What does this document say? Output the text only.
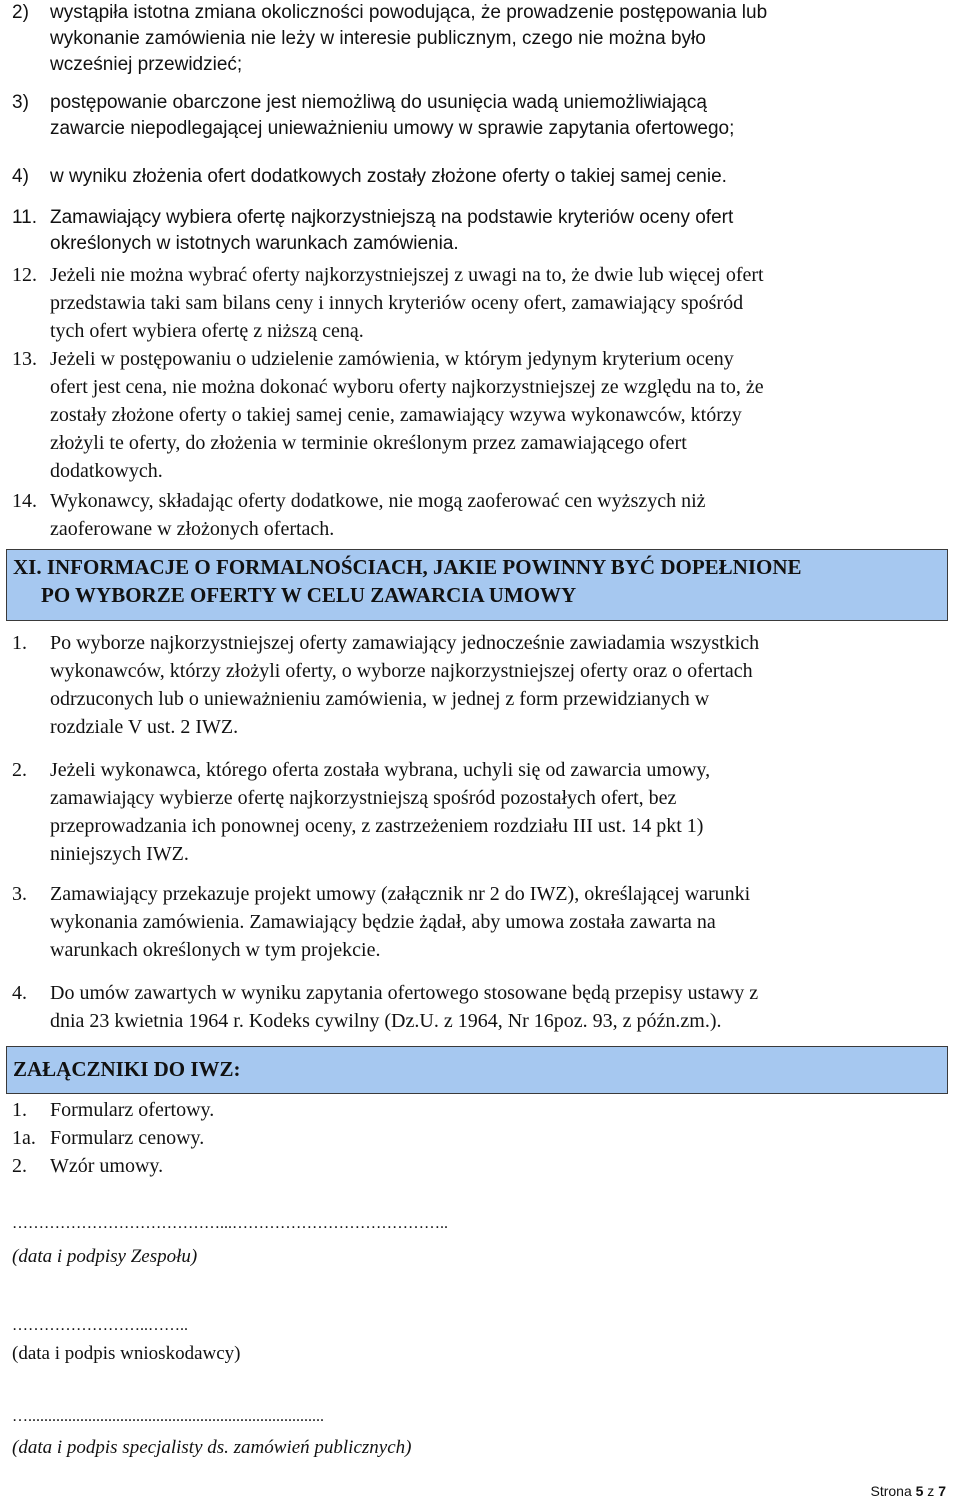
2) wystąpiła istotna zmiana okoliczności powodująca, że prowadzenie postępowania lub
wykonanie zamówienia nie leży w interesie publicznym, czego nie można było
wcześniej przewidzieć;
3) postępowanie obarczone jest niemożliwą do usunięcia wadą uniemożliwiającą
zawarcie niepodlegającej unieważnieniu umowy w sprawie zapytania ofertowego;
4) w wyniku złożenia ofert dodatkowych zostały złożone oferty o takiej samej cenie.
11. Zamawiający wybiera ofertę najkorzystniejszą na podstawie kryteriów oceny ofert
określonych w istotnych warunkach zamówienia.
12. Jeżeli nie można wybrać oferty najkorzystniejszej z uwagi na to, że dwie lub więcej ofert
przedstawia taki sam bilans ceny i innych kryteriów oceny ofert, zamawiający spośród
tych ofert wybiera ofertę z niższą ceną.
13. Jeżeli w postępowaniu o udzielenie zamówienia, w którym jedynym kryterium oceny
ofert jest cena, nie można dokonać wyboru oferty najkorzystniejszej ze względu na to, że
zostały złożone oferty o takiej samej cenie, zamawiający wzywa wykonawców, którzy
złożyli te oferty, do złożenia w terminie określonym przez zamawiającego ofert
dodatkowych.
14. Wykonawcy, składając oferty dodatkowe, nie mogą zaoferować cen wyższych niż
zaoferowane w złożonych ofertach.
XI. INFORMACJE O FORMALNOŚCIACH, JAKIE POWINNY BYĆ DOPEŁNIONE
PO WYBORZE OFERTY W CELU ZAWARCIA UMOWY
1. Po wyborze najkorzystniejszej oferty zamawiający jednocześnie zawiadamia wszystkich
wykonawców, którzy złożyli oferty, o wyborze najkorzystniejszej oferty oraz o ofertach
odrzuconych lub o unieważnieniu zamówienia, w jednej z form przewidzianych w
rozdziale V ust. 2 IWZ.
2. Jeżeli wykonawca, którego oferta została wybrana, uchyli się od zawarcia umowy,
zamawiający wybierze ofertę najkorzystniejszą spośród pozostałych ofert, bez
przeprowadzania ich ponownej oceny, z zastrzeżeniem rozdziału III ust. 14 pkt 1)
niniejszych IWZ.
3. Zamawiający przekazuje projekt umowy (załącznik nr 2 do IWZ), określającej warunki
wykonania zamówienia. Zamawiający będzie żądał, aby umowa została zawarta na
warunkach określonych w tym projekcie.
4. Do umów zawartych w wyniku zapytania ofertowego stosowane będą przepisy ustawy z
dnia 23 kwietnia 1964 r. Kodeks cywilny (Dz.U. z 1964, Nr 16poz. 93, z późn.zm.).
ZAŁĄCZNIKI DO IWZ:
1. Formularz ofertowy.
1a. Formularz cenowy.
2. Wzór umowy.
…………………………………...…………………………………..
(data i podpisy Zespołu)
……………………..……..
(data i podpis wnioskodawcy)
…..........................................................................
(data i podpis specjalisty ds. zamówień publicznych)
Strona 5 z 7
